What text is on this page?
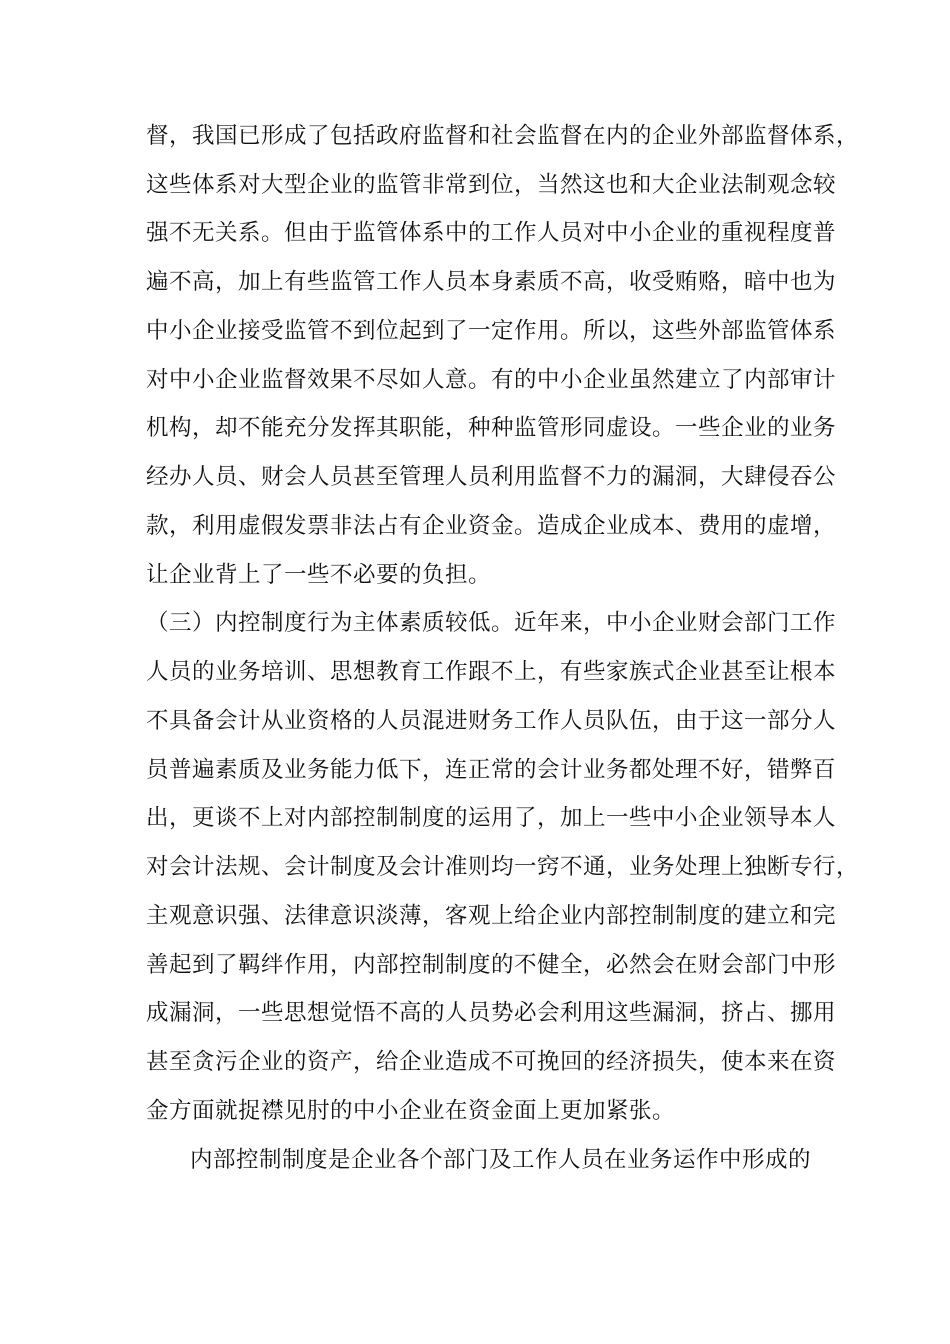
督，我国已形成了包括政府监督和社会监督在内的企业外部监督体系，
这些体系对大型企业的监管非常到位，当然这也和大企业法制观念较
强不无关系。但由于监管体系中的工作人员对中小企业的重视程度普
遍不高，加上有些监管工作人员本身素质不高，收受贿赂，暗中也为
中小企业接受监管不到位起到了一定作用。所以，这些外部监管体系
对中小企业监督效果不尽如人意。有的中小企业虽然建立了内部审计
机构，却不能充分发挥其职能，种种监管形同虚设。一些企业的业务
经办人员、财会人员甚至管理人员利用监督不力的漏洞，大肆侵吞公
款，利用虚假发票非法占有企业资金。造成企业成本、费用的虚增，
让企业背上了一些不必要的负担。
（三）内控制度行为主体素质较低。近年来，中小企业财会部门工作
人员的业务培训、思想教育工作跟不上，有些家族式企业甚至让根本
不具备会计从业资格的人员混进财务工作人员队伍，由于这一部分人
员普遍素质及业务能力低下，连正常的会计业务都处理不好，错弊百
出，更谈不上对内部控制制度的运用了，加上一些中小企业领导本人
对会计法规、会计制度及会计准则均一窍不通，业务处理上独断专行，
主观意识强、法律意识淡薄，客观上给企业内部控制制度的建立和完
善起到了羁绊作用，内部控制制度的不健全，必然会在财会部门中形
成漏洞，一些思想觉悟不高的人员势必会利用这些漏洞，挤占、挪用
甚至贪污企业的资产，给企业造成不可挽回的经济损失，使本来在资
金方面就捉襟见肘的中小企业在资金面上更加紧张。
内部控制制度是企业各个部门及工作人员在业务运作中形成的
